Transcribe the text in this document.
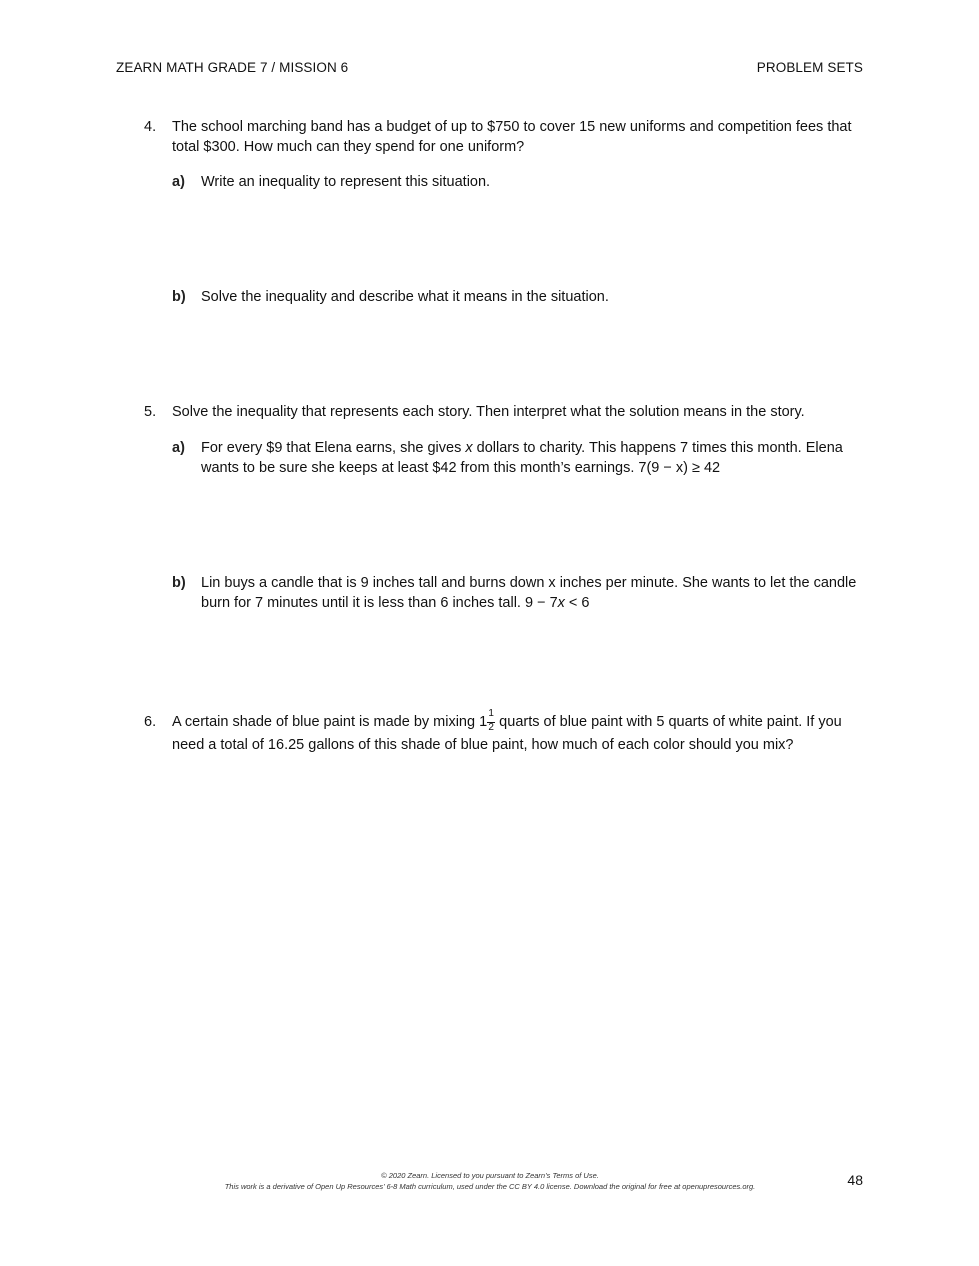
ZEARN MATH GRADE 7 / MISSION 6	PROBLEM SETS
4. The school marching band has a budget of up to $750 to cover 15 new uniforms and competition fees that total $300. How much can they spend for one uniform?
a) Write an inequality to represent this situation.
b) Solve the inequality and describe what it means in the situation.
5. Solve the inequality that represents each story. Then interpret what the solution means in the story.
a) For every $9 that Elena earns, she gives x dollars to charity. This happens 7 times this month. Elena wants to be sure she keeps at least $42 from this month’s earnings. 7(9 − x) ≥ 42
b) Lin buys a candle that is 9 inches tall and burns down x inches per minute. She wants to let the candle burn for 7 minutes until it is less than 6 inches tall. 9 − 7x < 6
6. A certain shade of blue paint is made by mixing $1 \frac{1}{2}$ quarts of blue paint with 5 quarts of white paint. If you need a total of 16.25 gallons of this shade of blue paint, how much of each color should you mix?
© 2020 Zearn. Licensed to you pursuant to Zearn’s Terms of Use.
This work is a derivative of Open Up Resources’ 6-8 Math curriculum, used under the CC BY 4.0 license. Download the original for free at openupresources.org.	48
